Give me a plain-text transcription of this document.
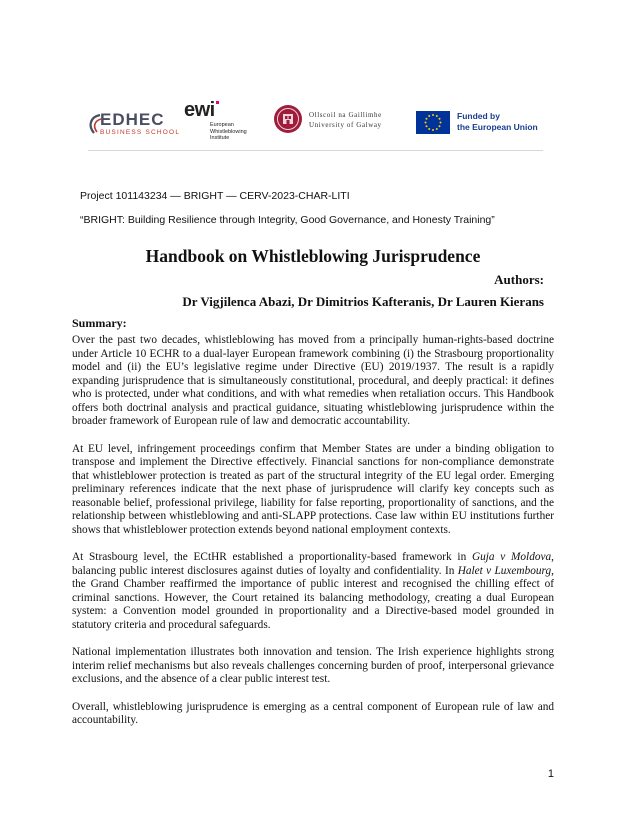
EDHEC
BUSINESS SCHOOL
ewi
European
Whistleblowing
Institute
Ollscoil na Gaillimhe
University of Galway
Funded by
the European Union
Project 101143234 — BRIGHT — CERV-2023-CHAR-LITI
“BRIGHT: Building Resilience through Integrity, Good Governance, and Honesty Training”
Handbook on Whistleblowing Jurisprudence
Authors:
Dr Vigjilenca Abazi, Dr Dimitrios Kafteranis, Dr Lauren Kierans
Summary:

Over the past two decades, whistleblowing has moved from a principally human-rights-based doctrine under Article 10 ECHR to a dual-layer European framework combining (i) the Strasbourg proportionality model and (ii) the EU’s legislative regime under Directive (EU) 2019/1937. The result is a rapidly expanding jurisprudence that is simultaneously constitutional, procedural, and deeply practical: it defines who is protected, under what conditions, and with what remedies when retaliation occurs. This Handbook offers both doctrinal analysis and practical guidance, situating whistleblowing jurisprudence within the broader framework of European rule of law and democratic accountability.

At EU level, infringement proceedings confirm that Member States are under a binding obligation to transpose and implement the Directive effectively. Financial sanctions for non-compliance demonstrate that whistleblower protection is treated as part of the structural integrity of the EU legal order. Emerging preliminary references indicate that the next phase of jurisprudence will clarify key concepts such as reasonable belief, professional privilege, liability for false reporting, proportionality of sanctions, and the relationship between whistleblowing and anti-SLAPP protections. Case law within EU institutions further shows that whistleblower protection extends beyond national employment contexts.

At Strasbourg level, the ECtHR established a proportionality-based framework in Guja v Moldova, balancing public interest disclosures against duties of loyalty and confidentiality. In Halet v Luxembourg, the Grand Chamber reaffirmed the importance of public interest and recognised the chilling effect of criminal sanctions. However, the Court retained its balancing methodology, creating a dual European system: a Convention model grounded in proportionality and a Directive-based model grounded in statutory criteria and procedural safeguards.

National implementation illustrates both innovation and tension. The Irish experience highlights strong interim relief mechanisms but also reveals challenges concerning burden of proof, interpersonal grievance exclusions, and the absence of a clear public interest test.

Overall, whistleblowing jurisprudence is emerging as a central component of European rule of law and accountability.

1
